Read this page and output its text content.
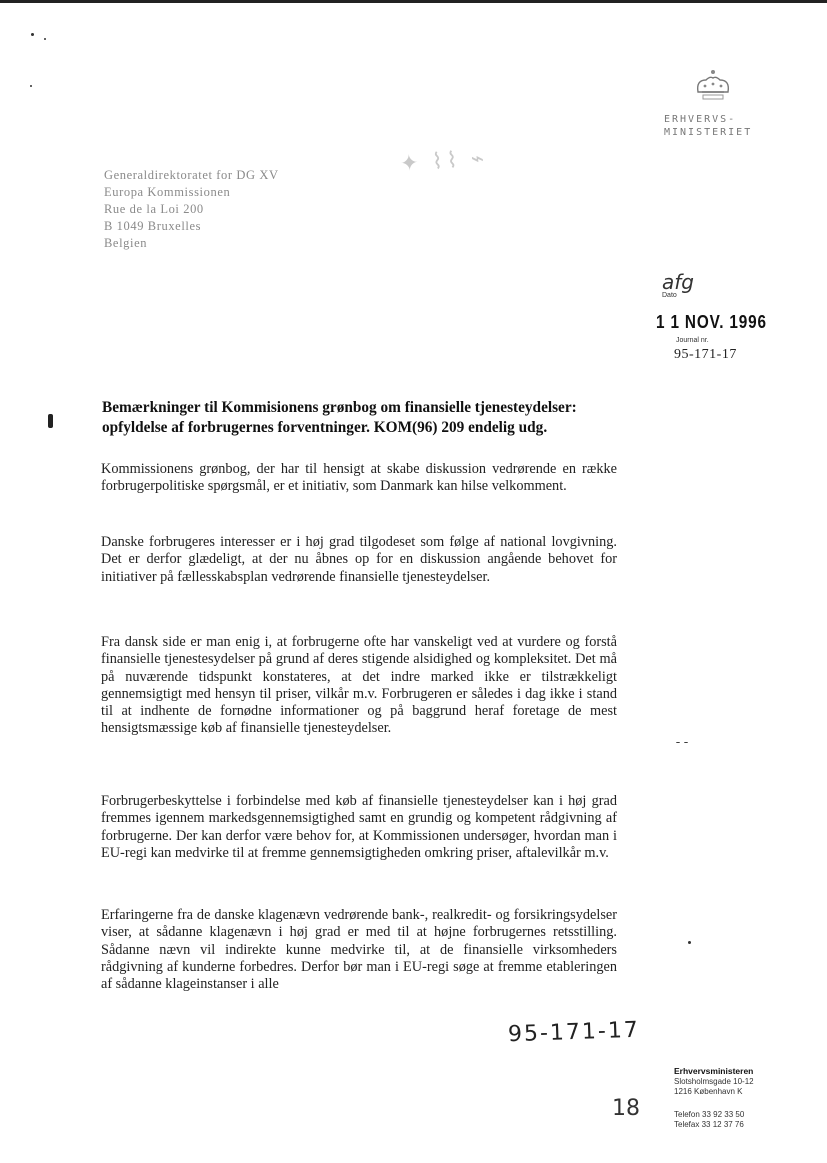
ERHVERVS-
MINISTERIET
✦ ⌇⌇ ⌁
Generaldirektoratet for DG XV
Europa Kommissionen
Rue de la Loi 200
B 1049 Bruxelles
Belgien
afg
Dato
1 1 NOV. 1996
Journal nr.
95-171-17
Bemærkninger til Kommisionens grønbog om finansielle tjenesteydelser: opfyldelse af forbrugernes forventninger. KOM(96) 209 endelig udg.
Kommissionens grønbog, der har til hensigt at skabe diskussion vedrørende en række forbrugerpolitiske spørgsmål, er et initiativ, som Danmark kan hilse velkomment.
Danske forbrugeres interesser er i høj grad tilgodeset som følge af national lovgivning. Det er derfor glædeligt, at der nu åbnes op for en diskussion angående behovet for initiativer på fællesskabsplan vedrørende finansielle tjenesteydelser.
Fra dansk side er man enig i, at forbrugerne ofte har vanskeligt ved at vurdere og forstå finansielle tjenestesydelser på grund af deres stigende alsidighed og kompleksitet. Det må på nuværende tidspunkt konstateres, at det indre marked ikke er tilstrækkeligt gennemsigtigt med hensyn til priser, vilkår m.v. Forbrugeren er således i dag ikke i stand til at indhente de fornødne informationer og på baggrund heraf foretage de mest hensigtsmæssige køb af finansielle tjenesteydelser.
Forbrugerbeskyttelse i forbindelse med køb af finansielle tjenesteydelser kan i høj grad fremmes igennem markedsgennemsigtighed samt en grundig og kompetent rådgivning af forbrugerne. Der kan derfor være behov for, at Kommissionen undersøger, hvordan man i EU-regi kan medvirke til at fremme gennemsigtigheden omkring priser, aftalevilkår m.v.
Erfaringerne fra de danske klagenævn vedrørende bank-, realkredit- og forsikringsydelser viser, at sådanne klagenævn i høj grad er med til at højne forbrugernes retsstilling. Sådanne nævn vil indirekte kunne medvirke til, at de finansielle virksomheders rådgivning af kunderne forbedres. Derfor bør man i EU-regi søge at fremme etableringen af sådanne klageinstanser i alle
95-171-17
18
Erhvervsministeren
Slotsholmsgade 10-12
1216 København K
Telefon 33 92 33 50
Telefax 33 12 37 76
